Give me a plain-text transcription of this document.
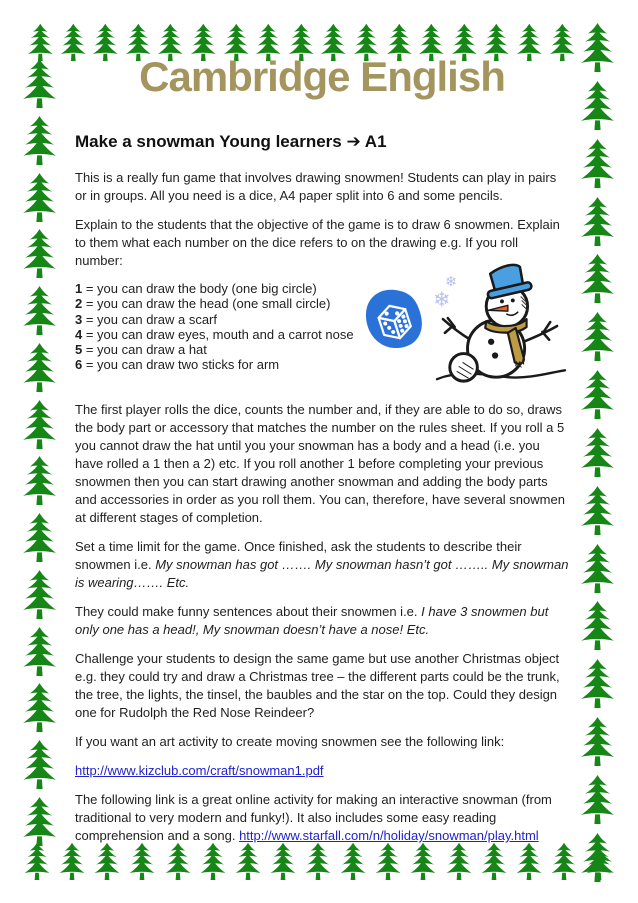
Cambridge English
Make a snowman Young learners ➔ A1

This is a really fun game that involves drawing snowmen! Students can play in pairs or in groups. All you need is a dice, A4 paper split into 6 and some pencils.

Explain to the students that the objective of the game is to draw 6 snowmen. Explain to them what each number on the dice refers to on the drawing e.g. If you roll number:

1 = you can draw the body (one big circle)
2 = you can draw the head (one small circle)
3 = you can draw a scarf
4 = you can draw eyes, mouth and a carrot nose
5 = you can draw a hat
6 = you can draw two sticks for arm
❄
❄

The first player rolls the dice, counts the number and, if they are able to do so, draws the body part or accessory that matches the number on the rules sheet. If you roll a 5 you cannot draw the hat until you your snowman has a body and a head (i.e. you have rolled a 1 then a 2) etc. If you roll another 1 before completing your previous snowmen then you can start drawing another snowman and adding the body parts and accessories in order as you roll them. You can, therefore, have several snowmen at different stages of completion.

Set a time limit for the game. Once finished, ask the students to describe their snowmen i.e. My snowman has got ……. My snowman hasn’t got …….. My snowman is wearing……. Etc.

They could make funny sentences about their snowmen i.e. I have 3 snowmen but only one has a head!, My snowman doesn’t have a nose! Etc.

Challenge your students to design the same game but use another Christmas object e.g. they could try and draw a Christmas tree – the different parts could be the trunk, the tree, the lights, the tinsel, the baubles and the star on the top. Could they design one for Rudolph the Red Nose Reindeer?

If you want an art activity to create moving snowmen see the following link:

http://www.kizclub.com/craft/snowman1.pdf

The following link is a great online activity for making an interactive snowman (from traditional to very modern and funky!). It also includes some easy reading comprehension and a song. http://www.starfall.com/n/holiday/snowman/play.html
